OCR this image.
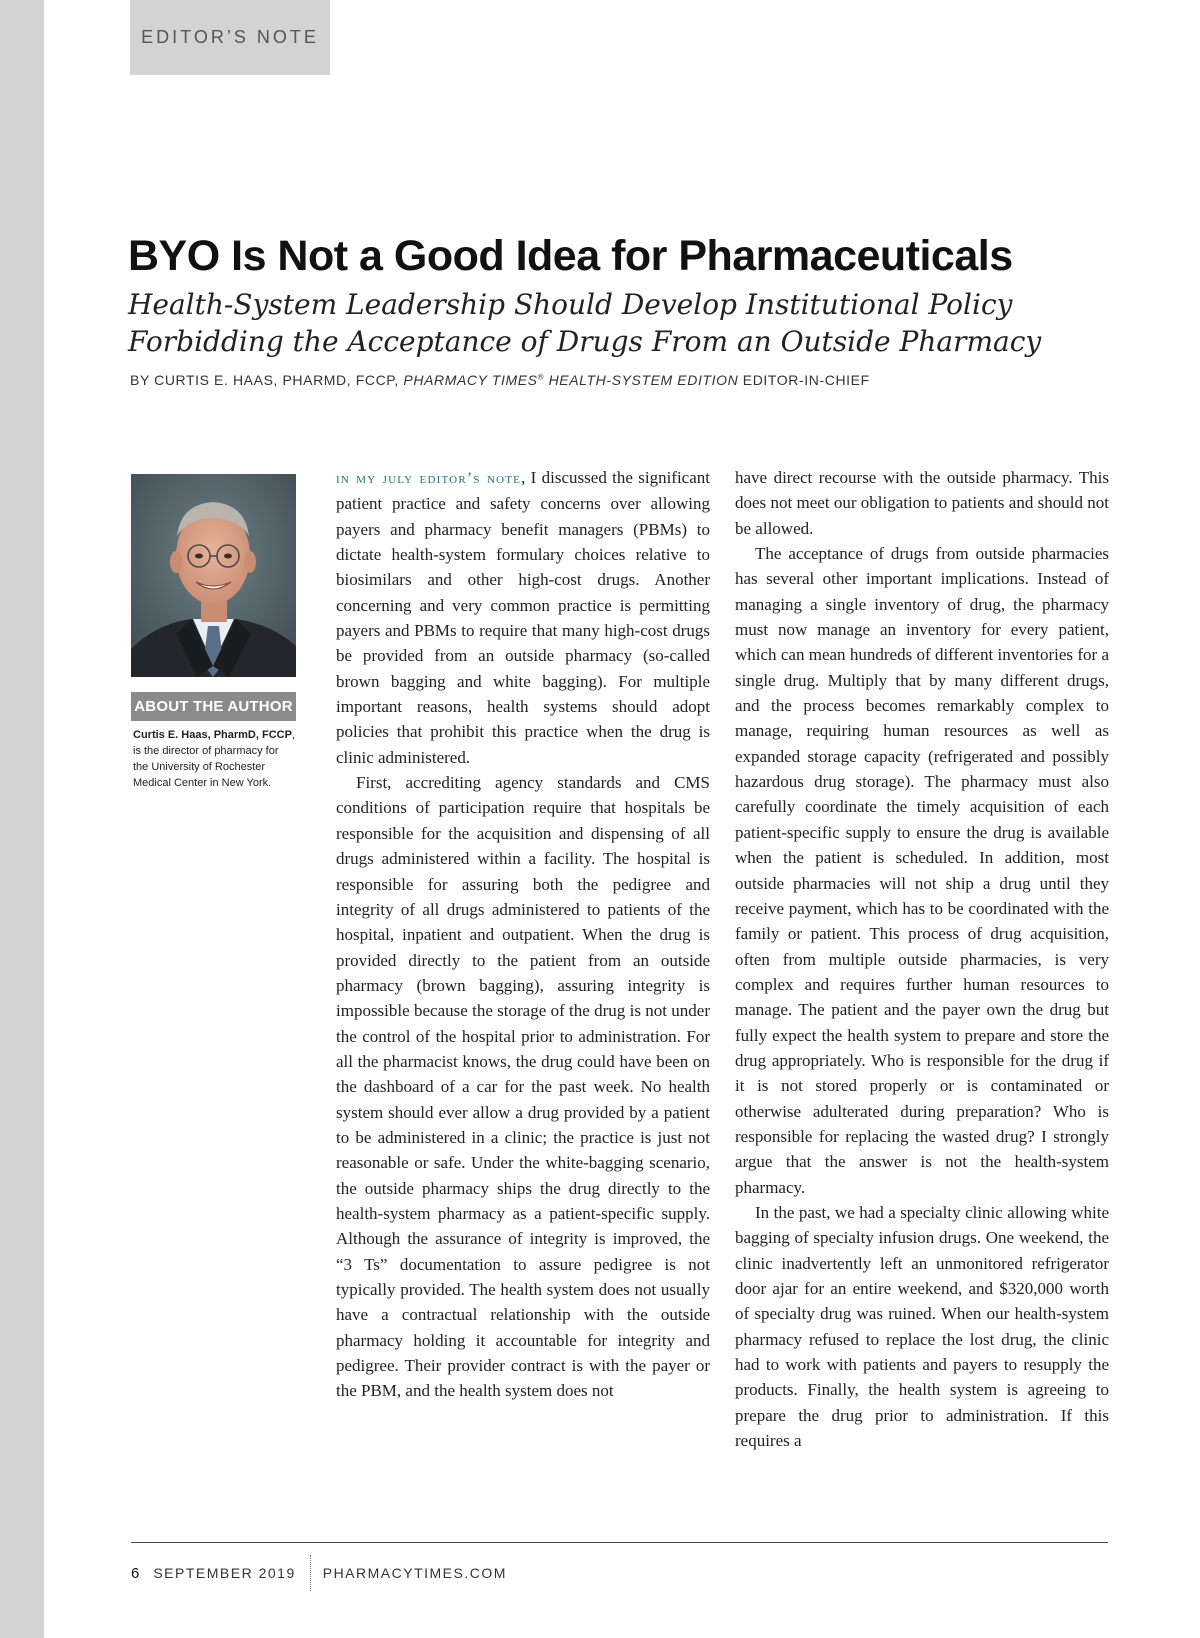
EDITOR’S NOTE
BYO Is Not a Good Idea for Pharmaceuticals
Health-System Leadership Should Develop Institutional Policy
Forbidding the Acceptance of Drugs From an Outside Pharmacy
BY CURTIS E. HAAS, PHARMD, FCCP, PHARMACY TIMES® HEALTH-SYSTEM EDITION EDITOR-IN-CHIEF
ABOUT THE AUTHOR
Curtis E. Haas, PharmD, FCCP,
is the director of pharmacy for
the University of Rochester
Medical Center in New York.

in my july editor’s note, I discussed the significant patient practice and safety concerns over allowing payers and pharmacy benefit managers (PBMs) to dictate health-system formulary choices relative to biosimilars and other high-cost drugs. Another concerning and very common practice is permitting payers and PBMs to require that many high-cost drugs be provided from an outside pharmacy (so-called brown bagging and white bagging). For multiple important reasons, health systems should adopt policies that prohibit this practice when the drug is clinic administered.

First, accrediting agency standards and CMS conditions of participation require that hospitals be responsible for the acquisition and dispensing of all drugs administered within a facility. The hospital is responsible for assuring both the pedigree and integrity of all drugs administered to patients of the hospital, inpatient and outpatient. When the drug is provided directly to the patient from an outside pharmacy (brown bagging), assuring integrity is impossible because the storage of the drug is not under the control of the hospital prior to administration. For all the pharmacist knows, the drug could have been on the dashboard of a car for the past week. No health system should ever allow a drug provided by a patient to be administered in a clinic; the practice is just not reasonable or safe. Under the white-bagging scenario, the outside pharmacy ships the drug directly to the health-system pharmacy as a patient-specific supply. Although the assurance of integrity is improved, the “3 Ts” documentation to assure pedigree is not typically provided. The health system does not usually have a contractual relationship with the outside pharmacy holding it accountable for integrity and pedigree. Their provider contract is with the payer or the PBM, and the health system does not

have direct recourse with the outside pharmacy. This does not meet our obligation to patients and should not be allowed.

The acceptance of drugs from outside pharmacies has several other important implications. Instead of managing a single inventory of drug, the pharmacy must now manage an inventory for every patient, which can mean hundreds of different inventories for a single drug. Multiply that by many different drugs, and the process becomes remarkably complex to manage, requiring human resources as well as expanded storage capacity (refrigerated and possibly hazardous drug storage). The pharmacy must also carefully coordinate the timely acquisition of each patient-specific supply to ensure the drug is available when the patient is scheduled. In addition, most outside pharmacies will not ship a drug until they receive payment, which has to be coordinated with the family or patient. This process of drug acquisition, often from multiple outside pharmacies, is very complex and requires further human resources to manage. The patient and the payer own the drug but fully expect the health system to prepare and store the drug appropriately. Who is responsible for the drug if it is not stored properly or is contaminated or otherwise adulterated during preparation? Who is responsible for replacing the wasted drug? I strongly argue that the answer is not the health-system pharmacy.

In the past, we had a specialty clinic allowing white bagging of specialty infusion drugs. One weekend, the clinic inadvertently left an unmonitored refrigerator door ajar for an entire weekend, and $320,000 worth of specialty drug was ruined. When our health-system pharmacy refused to replace the lost drug, the clinic had to work with patients and payers to resupply the products. Finally, the health system is agreeing to prepare the drug prior to administration. If this requires a

6 SEPTEMBER 2019 PHARMACYTIMES.COM
